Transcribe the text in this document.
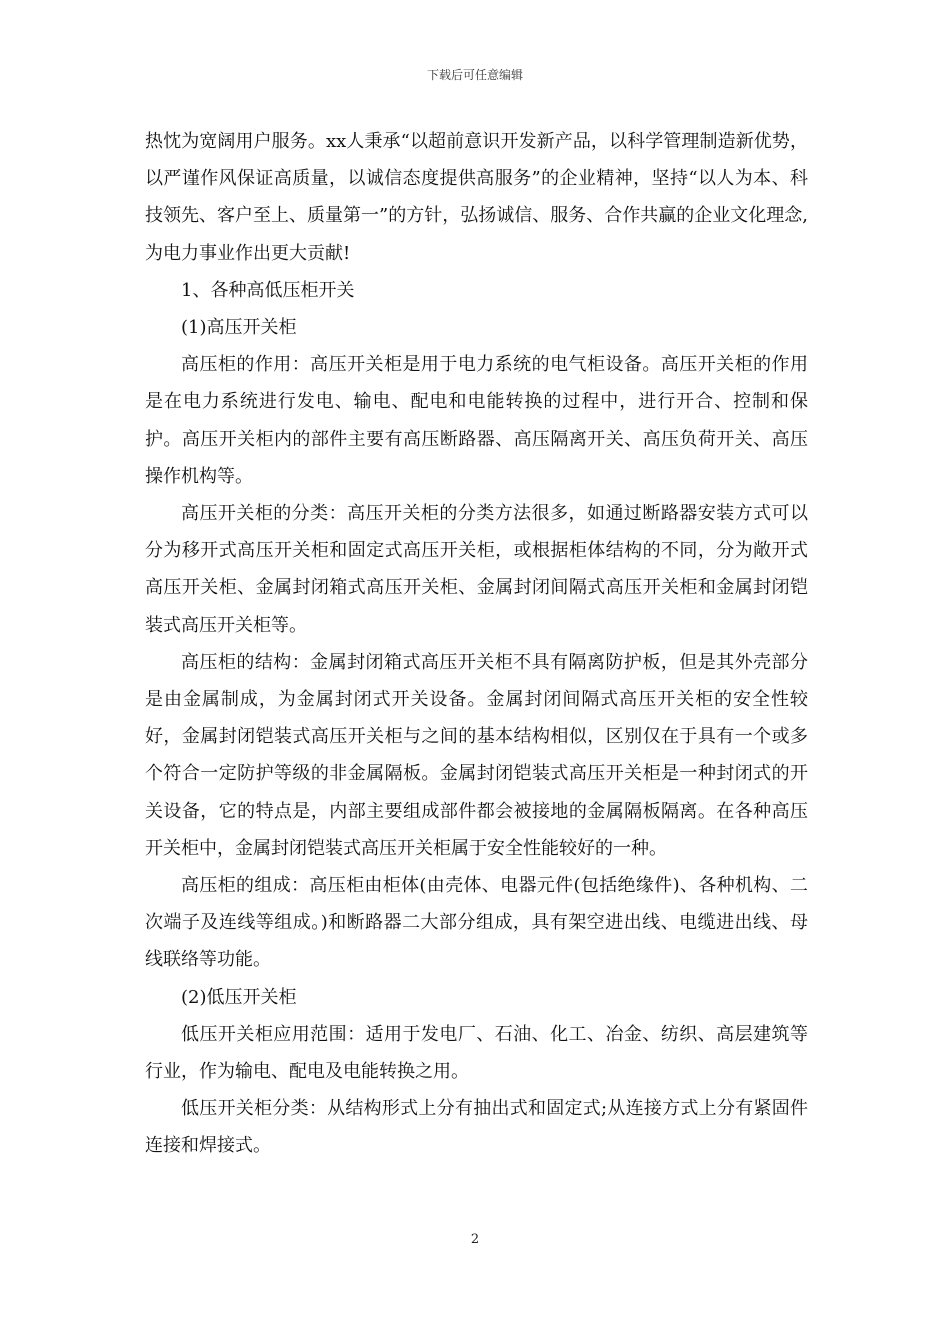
下载后可任意编辑

热忱为宽阔用户服务。xx人秉承“以超前意识开发新产品，以科学管理制造新优势，以严谨作风保证高质量，以诚信态度提供高服务”的企业精神，坚持“以人为本、科技领先、客户至上、质量第一”的方针，弘扬诚信、服务、合作共赢的企业文化理念,为电力事业作出更大贡献!

1、各种高低压柜开关

(1)高压开关柜

高压柜的作用：高压开关柜是用于电力系统的电气柜设备。高压开关柜的作用是在电力系统进行发电、输电、配电和电能转换的过程中，进行开合、控制和保护。高压开关柜内的部件主要有高压断路器、高压隔离开关、高压负荷开关、高压操作机构等。

高压开关柜的分类：高压开关柜的分类方法很多，如通过断路器安装方式可以分为移开式高压开关柜和固定式高压开关柜，或根据柜体结构的不同，分为敞开式高压开关柜、金属封闭箱式高压开关柜、金属封闭间隔式高压开关柜和金属封闭铠装式高压开关柜等。

高压柜的结构：金属封闭箱式高压开关柜不具有隔离防护板，但是其外壳部分是由金属制成，为金属封闭式开关设备。金属封闭间隔式高压开关柜的安全性较好，金属封闭铠装式高压开关柜与之间的基本结构相似，区别仅在于具有一个或多个符合一定防护等级的非金属隔板。金属封闭铠装式高压开关柜是一种封闭式的开关设备，它的特点是，内部主要组成部件都会被接地的金属隔板隔离。在各种高压开关柜中，金属封闭铠装式高压开关柜属于安全性能较好的一种。

高压柜的组成：高压柜由柜体(由壳体、电器元件(包括绝缘件)、各种机构、二次端子及连线等组成。)和断路器二大部分组成，具有架空进出线、电缆进出线、母线联络等功能。

(2)低压开关柜

低压开关柜应用范围：适用于发电厂、石油、化工、冶金、纺织、高层建筑等行业，作为输电、配电及电能转换之用。

低压开关柜分类：从结构形式上分有抽出式和固定式;从连接方式上分有紧固件连接和焊接式。

2
